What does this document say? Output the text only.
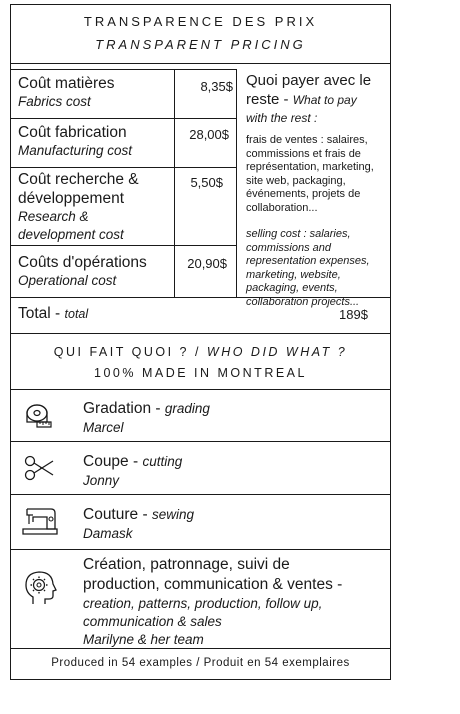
TRANSPARENCE DES PRIX
TRANSPARENT PRICING
Coût matières
Fabrics cost
8,35$
Coût fabrication
Manufacturing cost
28,00$
Coût recherche &
développement
Research &
development cost
5,50$
Coûts d'opérations
Operational cost
20,90$
Quoi payer avec le
reste - What to pay
with the rest :
frais de ventes : salaires,
commissions et frais de
représentation, marketing,
site web, packaging,
événements, projets de
collaboration...
selling cost : salaries,
commissions and
representation expenses,
marketing, website,
packaging, events,
collaboration projects...
Total - total	189$
QUI FAIT QUOI ? / WHO DID WHAT ?
100% MADE IN MONTREAL
Gradation - grading
Marcel
Coupe - cutting
Jonny
Couture - sewing
Damask
Création, patronnage, suivi de
production, communication & ventes -
creation, patterns, production, follow up,
communication & sales
Marilyne & her team
Produced in 54 examples / Produit en 54 exemplaires
